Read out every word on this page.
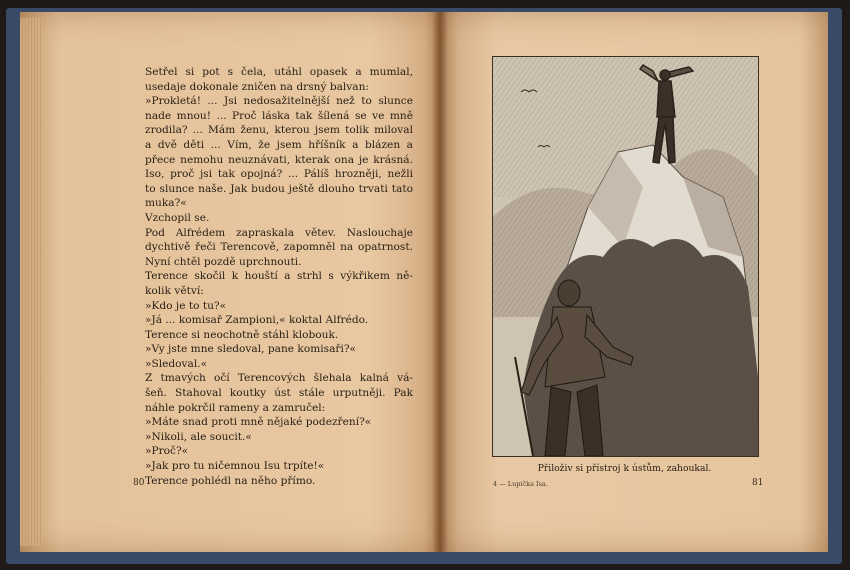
Setřel si pot s čela, utáhl opasek a mumlal,
usedaje dokonale zničen na drsný balvan:
»Prokletá! ... Jsi nedosažitelnější než to slunce
nade mnou! ... Proč láska tak šílená se ve mně
zrodila? ... Mám ženu, kterou jsem tolik miloval
a dvě děti ... Vím, že jsem hříšník a blázen a
přece nemohu neuznávati, kterak ona je krásná.
Iso, proč jsi tak opojná? ... Pálíš hrozněji, nežli
to slunce naše. Jak budou ještě dlouho trvati tato
muka?«
Vzchopil se.
Pod Alfrédem zapraskala větev. Naslouchaje
dychtivě řeči Terencově, zapomněl na opatrnost.
Nyní chtěl pozdě uprchnouti.
Terence skočil k houští a strhl s výkřikem ně-
kolik větví:
»Kdo je to tu?«
»Já ... komisař Zampioni,« koktal Alfrédo.
Terence si neochotně stáhl klobouk.
»Vy jste mne sledoval, pane komisaři?«
»Sledoval.«
Z tmavých očí Terencových šlehala kalná vá-
šeň. Stahoval koutky úst stále urputněji. Pak
náhle pokrčil rameny a zamručel:
»Máte snad proti mně nějaké podezření?«
»Nikoli, ale soucit.«
»Proč?«
»Jak pro tu ničemnou Isu trpíte!«
Terence pohlédl na něho přímo.
80
Přiloživ si přístroj k ústům, zahoukal.
4 — Lupička Isa.	81
